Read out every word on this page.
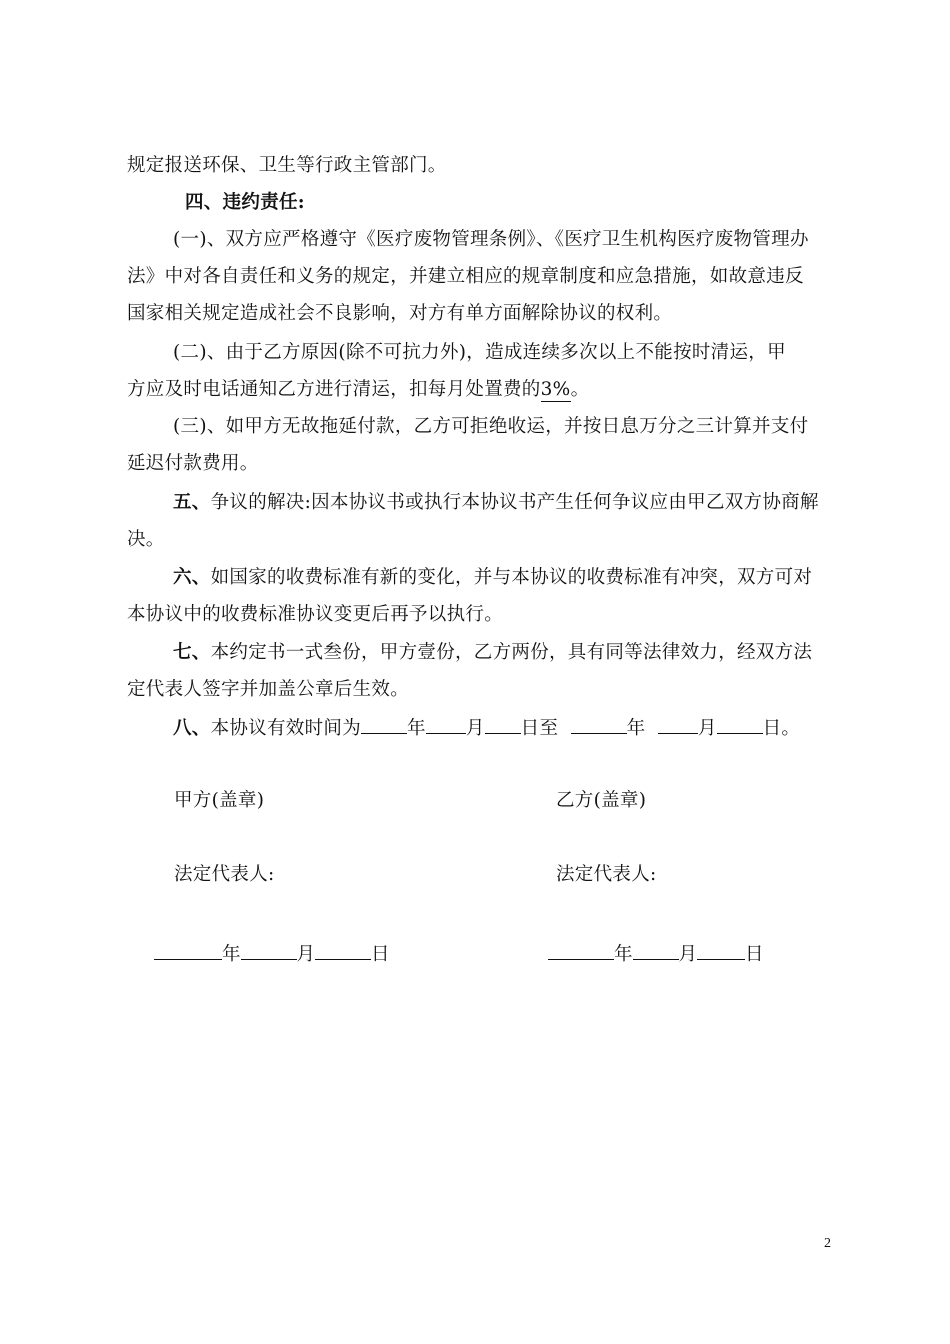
规定报送环保、卫生等行政主管部门。
四、违约责任:
(一)、双方应严格遵守《医疗废物管理条例》、《医疗卫生机构医疗废物管理办
法》中对各自责任和义务的规定，并建立相应的规章制度和应急措施，如故意违反
国家相关规定造成社会不良影响，对方有单方面解除协议的权利。
(二)、由于乙方原因(除不可抗力外)，造成连续多次以上不能按时清运，甲
方应及时电话通知乙方进行清运，扣每月处置费的3%。
(三)、如甲方无故拖延付款，乙方可拒绝收运，并按日息万分之三计算并支付
延迟付款费用。
五、争议的解决:因本协议书或执行本协议书产生任何争议应由甲乙双方协商解
决。
六、如国家的收费标准有新的变化，并与本协议的收费标准有冲突，双方可对
本协议中的收费标准协议变更后再予以执行。
七、本约定书一式叁份，甲方壹份，乙方两份，具有同等法律效力，经双方法
定代表人签字并加盖公章后生效。
八、本协议有效时间为 年 月 日至	年	月 日。
甲方(盖章)	乙方(盖章)
法定代表人:	法定代表人:
年	月	日	年 月	日
2
